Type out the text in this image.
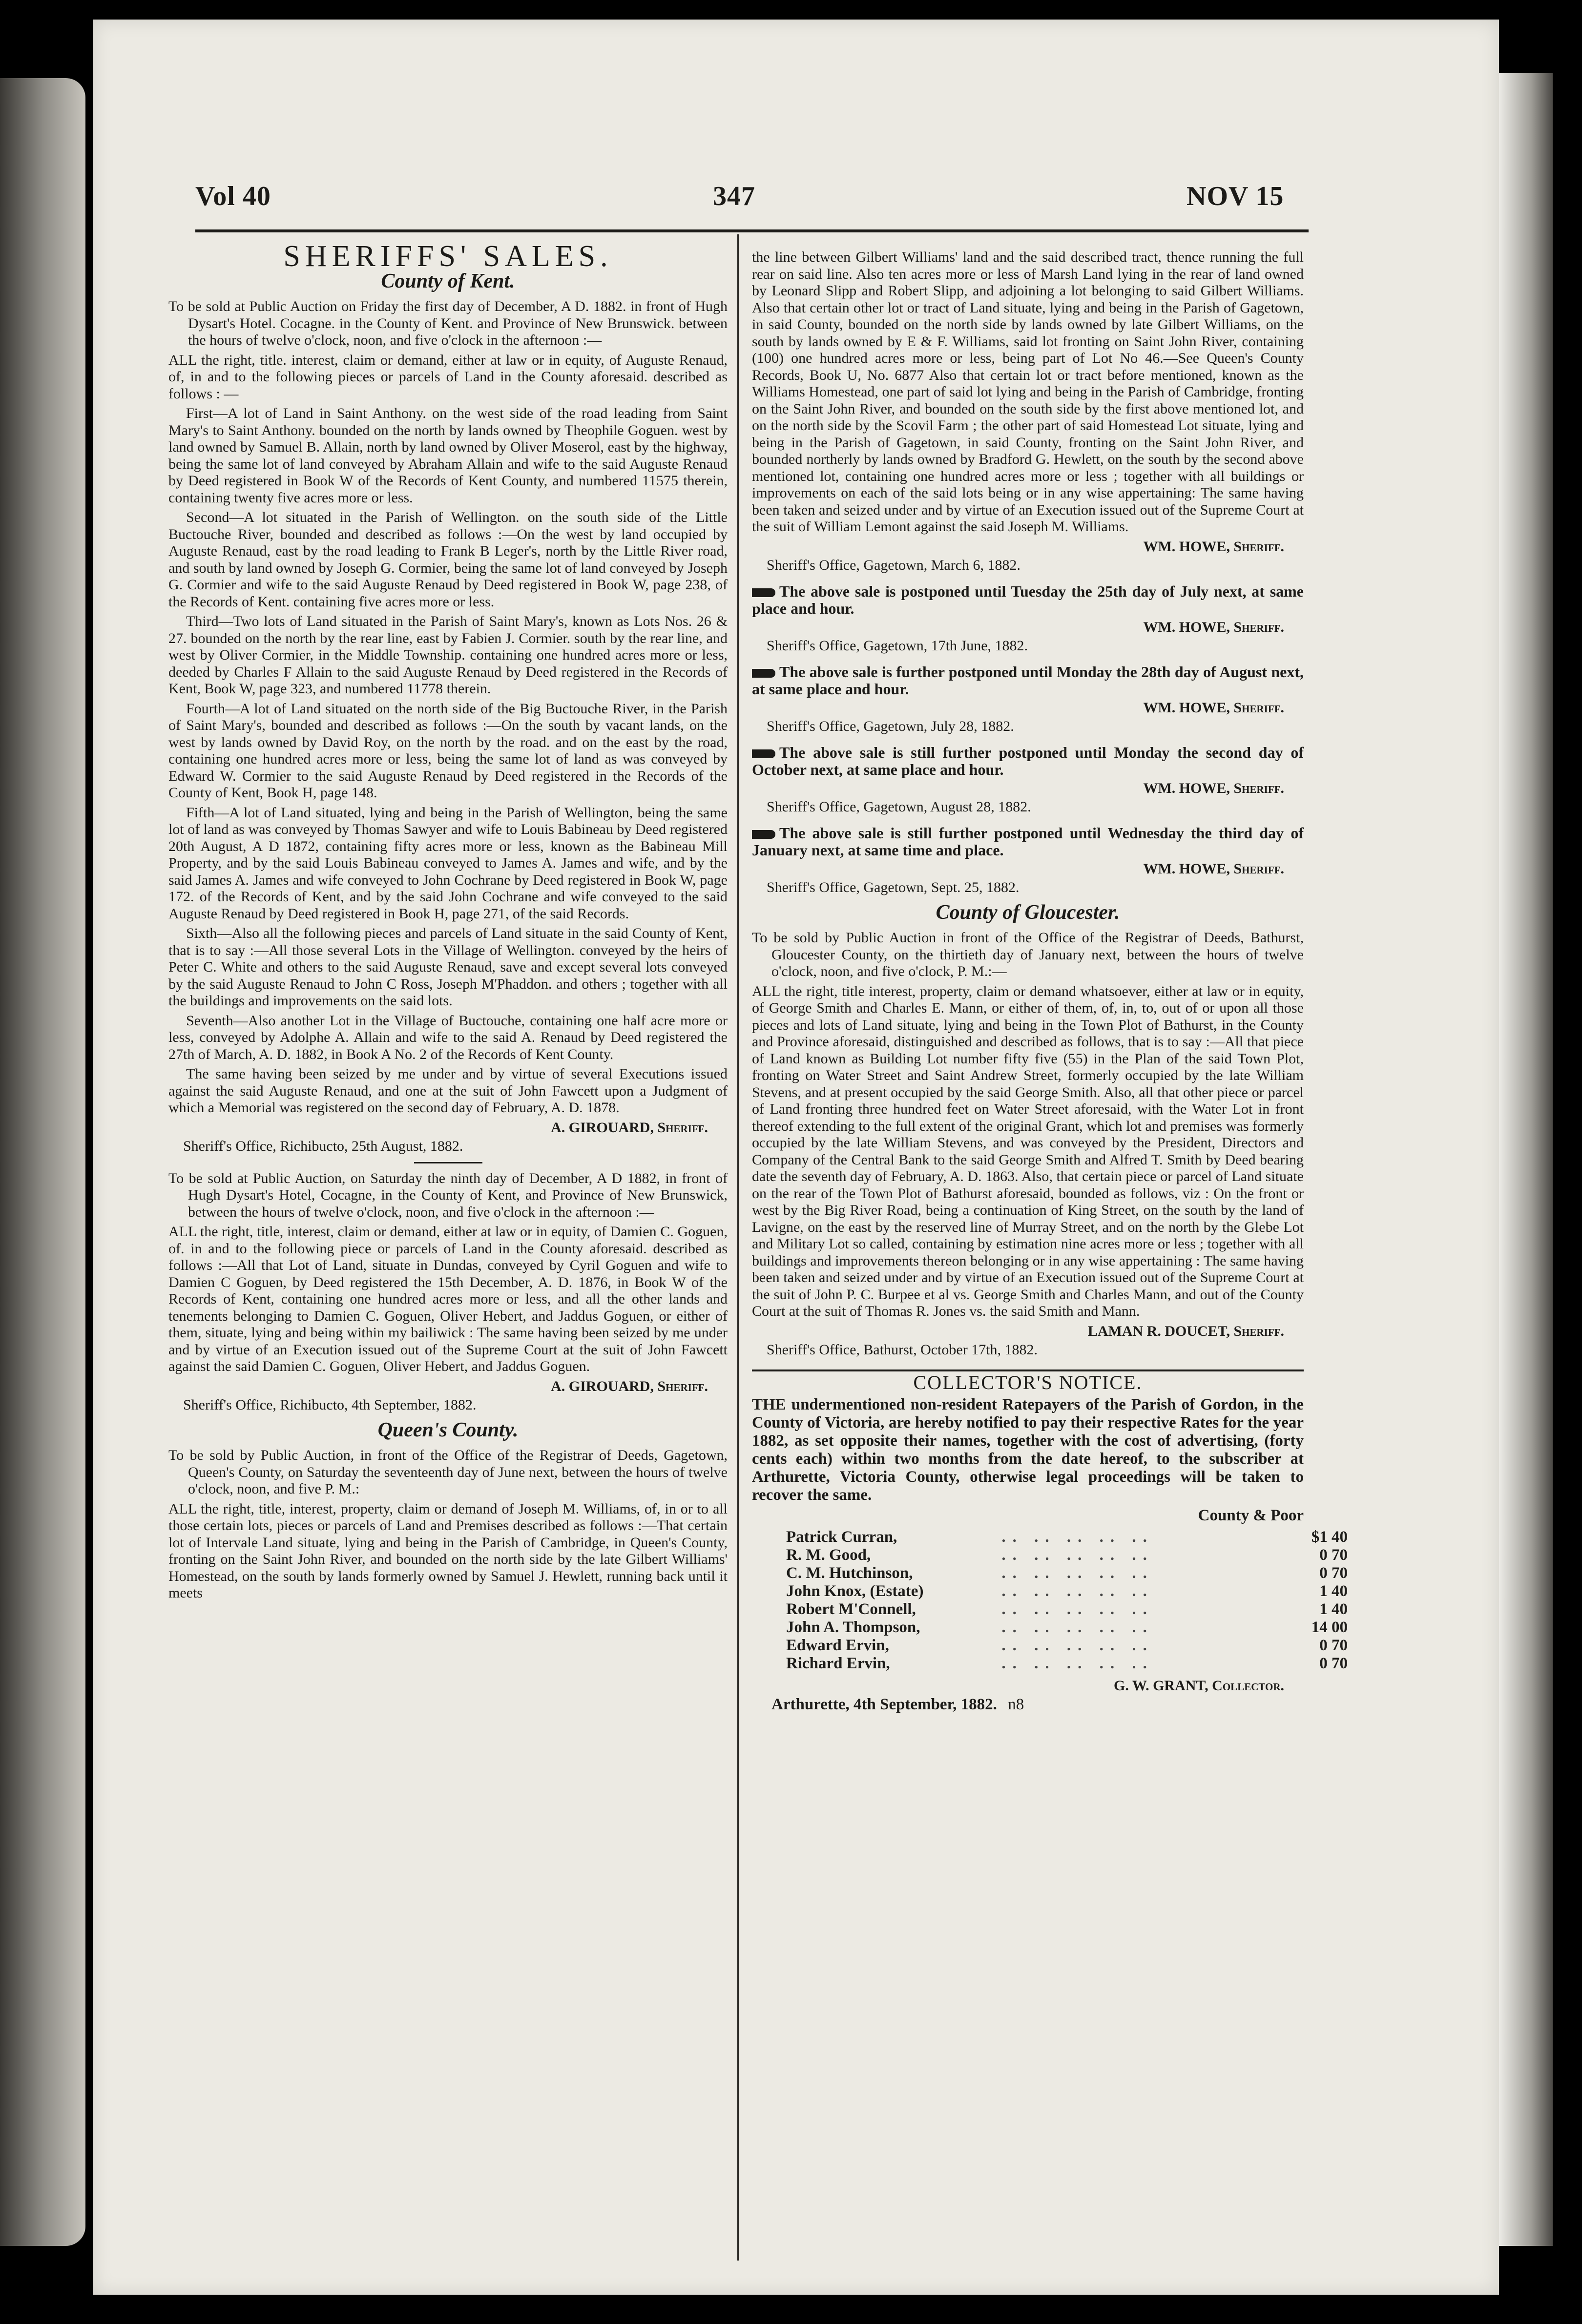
Vol 40	347	NOV 15
SHERIFFS' SALES.
County of Kent.

To be sold at Public Auction on Friday the first day of December, A D. 1882. in front of Hugh Dysart's Hotel. Cocagne. in the County of Kent. and Province of New Brunswick. between the hours of twelve o'clock, noon, and five o'clock in the afternoon :—

ALL the right, title. interest, claim or demand, either at law or in equity, of Auguste Renaud, of, in and to the following pieces or parcels of Land in the County aforesaid. described as follows : —

First—A lot of Land in Saint Anthony. on the west side of the road leading from Saint Mary's to Saint Anthony. bounded on the north by lands owned by Theophile Goguen. west by land owned by Samuel B. Allain, north by land owned by Oliver Moserol, east by the highway, being the same lot of land conveyed by Abraham Allain and wife to the said Auguste Renaud by Deed registered in Book W of the Records of Kent County, and numbered 11575 therein, containing twenty five acres more or less.

Second—A lot situated in the Parish of Wellington. on the south side of the Little Buctouche River, bounded and described as follows :—On the west by land occupied by Auguste Renaud, east by the road leading to Frank B Leger's, north by the Little River road, and south by land owned by Joseph G. Cormier, being the same lot of land conveyed by Joseph G. Cormier and wife to the said Auguste Renaud by Deed registered in Book W, page 238, of the Records of Kent. containing five acres more or less.

Third—Two lots of Land situated in the Parish of Saint Mary's, known as Lots Nos. 26 & 27. bounded on the north by the rear line, east by Fabien J. Cormier. south by the rear line, and west by Oliver Cormier, in the Middle Township. containing one hundred acres more or less, deeded by Charles F Allain to the said Auguste Renaud by Deed registered in the Records of Kent, Book W, page 323, and numbered 11778 therein.

Fourth—A lot of Land situated on the north side of the Big Buctouche River, in the Parish of Saint Mary's, bounded and described as follows :—On the south by vacant lands, on the west by lands owned by David Roy, on the north by the road. and on the east by the road, containing one hundred acres more or less, being the same lot of land as was conveyed by Edward W. Cormier to the said Auguste Renaud by Deed registered in the Records of the County of Kent, Book H, page 148.

Fifth—A lot of Land situated, lying and being in the Parish of Wellington, being the same lot of land as was conveyed by Thomas Sawyer and wife to Louis Babineau by Deed registered 20th August, A D 1872, containing fifty acres more or less, known as the Babineau Mill Property, and by the said Louis Babineau conveyed to James A. James and wife, and by the said James A. James and wife conveyed to John Cochrane by Deed registered in Book W, page 172. of the Records of Kent, and by the said John Cochrane and wife conveyed to the said Auguste Renaud by Deed registered in Book H, page 271, of the said Records.

Sixth—Also all the following pieces and parcels of Land situate in the said County of Kent, that is to say :—All those several Lots in the Village of Wellington. conveyed by the heirs of Peter C. White and others to the said Auguste Renaud, save and except several lots conveyed by the said Auguste Renaud to John C Ross, Joseph M'Phaddon. and others ; together with all the buildings and improvements on the said lots.

Seventh—Also another Lot in the Village of Buctouche, containing one half acre more or less, conveyed by Adolphe A. Allain and wife to the said A. Renaud by Deed registered the 27th of March, A. D. 1882, in Book A No. 2 of the Records of Kent County.

The same having been seized by me under and by virtue of several Executions issued against the said Auguste Renaud, and one at the suit of John Fawcett upon a Judgment of which a Memorial was registered on the second day of February, A. D. 1878.

A. GIROUARD, Sheriff.
Sheriff's Office, Richibucto, 25th August, 1882.

To be sold at Public Auction, on Saturday the ninth day of December, A D 1882, in front of Hugh Dysart's Hotel, Cocagne, in the County of Kent, and Province of New Brunswick, between the hours of twelve o'clock, noon, and five o'clock in the afternoon :—

ALL the right, title, interest, claim or demand, either at law or in equity, of Damien C. Goguen, of. in and to the following piece or parcels of Land in the County aforesaid. described as follows :—All that Lot of Land, situate in Dundas, conveyed by Cyril Goguen and wife to Damien C Goguen, by Deed registered the 15th December, A. D. 1876, in Book W of the Records of Kent, containing one hundred acres more or less, and all the other lands and tenements belonging to Damien C. Goguen, Oliver Hebert, and Jaddus Goguen, or either of them, situate, lying and being within my bailiwick : The same having been seized by me under and by virtue of an Execution issued out of the Supreme Court at the suit of John Fawcett against the said Damien C. Goguen, Oliver Hebert, and Jaddus Goguen.

A. GIROUARD, Sheriff.
Sheriff's Office, Richibucto, 4th September, 1882.
Queen's County.

To be sold by Public Auction, in front of the Office of the Registrar of Deeds, Gagetown, Queen's County, on Saturday the seventeenth day of June next, between the hours of twelve o'clock, noon, and five P. M.:

ALL the right, title, interest, property, claim or demand of Joseph M. Williams, of, in or to all those certain lots, pieces or parcels of Land and Premises described as follows :—That certain lot of Intervale Land situate, lying and being in the Parish of Cambridge, in Queen's County, fronting on the Saint John River, and bounded on the north side by the late Gilbert Williams' Homestead, on the south by lands formerly owned by Samuel J. Hewlett, running back until it meets

the line between Gilbert Williams' land and the said described tract, thence running the full rear on said line. Also ten acres more or less of Marsh Land lying in the rear of land owned by Leonard Slipp and Robert Slipp, and adjoining a lot belonging to said Gilbert Williams. Also that certain other lot or tract of Land situate, lying and being in the Parish of Gagetown, in said County, bounded on the north side by lands owned by late Gilbert Williams, on the south by lands owned by E & F. Williams, said lot fronting on Saint John River, containing (100) one hundred acres more or less, being part of Lot No 46.—See Queen's County Records, Book U, No. 6877 Also that certain lot or tract before mentioned, known as the Williams Homestead, one part of said lot lying and being in the Parish of Cambridge, fronting on the Saint John River, and bounded on the south side by the first above mentioned lot, and on the north side by the Scovil Farm ; the other part of said Homestead Lot situate, lying and being in the Parish of Gagetown, in said County, fronting on the Saint John River, and bounded northerly by lands owned by Bradford G. Hewlett, on the south by the second above mentioned lot, containing one hundred acres more or less ; together with all buildings or improvements on each of the said lots being or in any wise appertaining: The same having been taken and seized under and by virtue of an Execution issued out of the Supreme Court at the suit of William Lemont against the said Joseph M. Williams.

WM. HOWE, Sheriff.
Sheriff's Office, Gagetown, March 6, 1882.
The above sale is postponed until Tuesday the 25th day of July next, at same place and hour.
WM. HOWE, Sheriff.
Sheriff's Office, Gagetown, 17th June, 1882.
The above sale is further postponed until Monday the 28th day of August next, at same place and hour.
WM. HOWE, Sheriff.
Sheriff's Office, Gagetown, July 28, 1882.
The above sale is still further postponed until Monday the second day of October next, at same place and hour.
WM. HOWE, Sheriff.
Sheriff's Office, Gagetown, August 28, 1882.
The above sale is still further postponed until Wednesday the third day of January next, at same time and place.
WM. HOWE, Sheriff.
Sheriff's Office, Gagetown, Sept. 25, 1882.
County of Gloucester.

To be sold by Public Auction in front of the Office of the Registrar of Deeds, Bathurst, Gloucester County, on the thirtieth day of January next, between the hours of twelve o'clock, noon, and five o'clock, P. M.:—

ALL the right, title interest, property, claim or demand whatsoever, either at law or in equity, of George Smith and Charles E. Mann, or either of them, of, in, to, out of or upon all those pieces and lots of Land situate, lying and being in the Town Plot of Bathurst, in the County and Province aforesaid, distinguished and described as follows, that is to say :—All that piece of Land known as Building Lot number fifty five (55) in the Plan of the said Town Plot, fronting on Water Street and Saint Andrew Street, formerly occupied by the late William Stevens, and at present occupied by the said George Smith. Also, all that other piece or parcel of Land fronting three hundred feet on Water Street aforesaid, with the Water Lot in front thereof extending to the full extent of the original Grant, which lot and premises was formerly occupied by the late William Stevens, and was conveyed by the President, Directors and Company of the Central Bank to the said George Smith and Alfred T. Smith by Deed bearing date the seventh day of February, A. D. 1863. Also, that certain piece or parcel of Land situate on the rear of the Town Plot of Bathurst aforesaid, bounded as follows, viz : On the front or west by the Big River Road, being a continuation of King Street, on the south by the land of Lavigne, on the east by the reserved line of Murray Street, and on the north by the Glebe Lot and Military Lot so called, containing by estimation nine acres more or less ; together with all buildings and improvements thereon belonging or in any wise appertaining : The same having been taken and seized under and by virtue of an Execution issued out of the Supreme Court at the suit of John P. C. Burpee et al vs. George Smith and Charles Mann, and out of the County Court at the suit of Thomas R. Jones vs. the said Smith and Mann.

LAMAN R. DOUCET, Sheriff.
Sheriff's Office, Bathurst, October 17th, 1882.
COLLECTOR'S NOTICE.
THE undermentioned non-resident Ratepayers of the Parish of Gordon, in the County of Victoria, are hereby notified to pay their respective Rates for the year 1882, as set opposite their names, together with the cost of advertising, (forty cents each) within two months from the date hereof, to the subscriber at Arthurette, Victoria County, otherwise legal proceedings will be taken to recover the same.
County & Poor
Patrick Curran,	.. .. .. .. ..	$1 40
R. M. Good,	.. .. .. .. ..	0 70
C. M. Hutchinson,	.. .. .. .. ..	0 70
John Knox, (Estate)	.. .. .. .. ..	1 40
Robert M'Connell,	.. .. .. .. ..	1 40
John A. Thompson,	.. .. .. .. ..	14 00
Edward Ervin,	.. .. .. .. ..	0 70
Richard Ervin,	.. .. .. .. ..	0 70
G. W. GRANT, Collector.
Arthurette, 4th September, 1882. n8
